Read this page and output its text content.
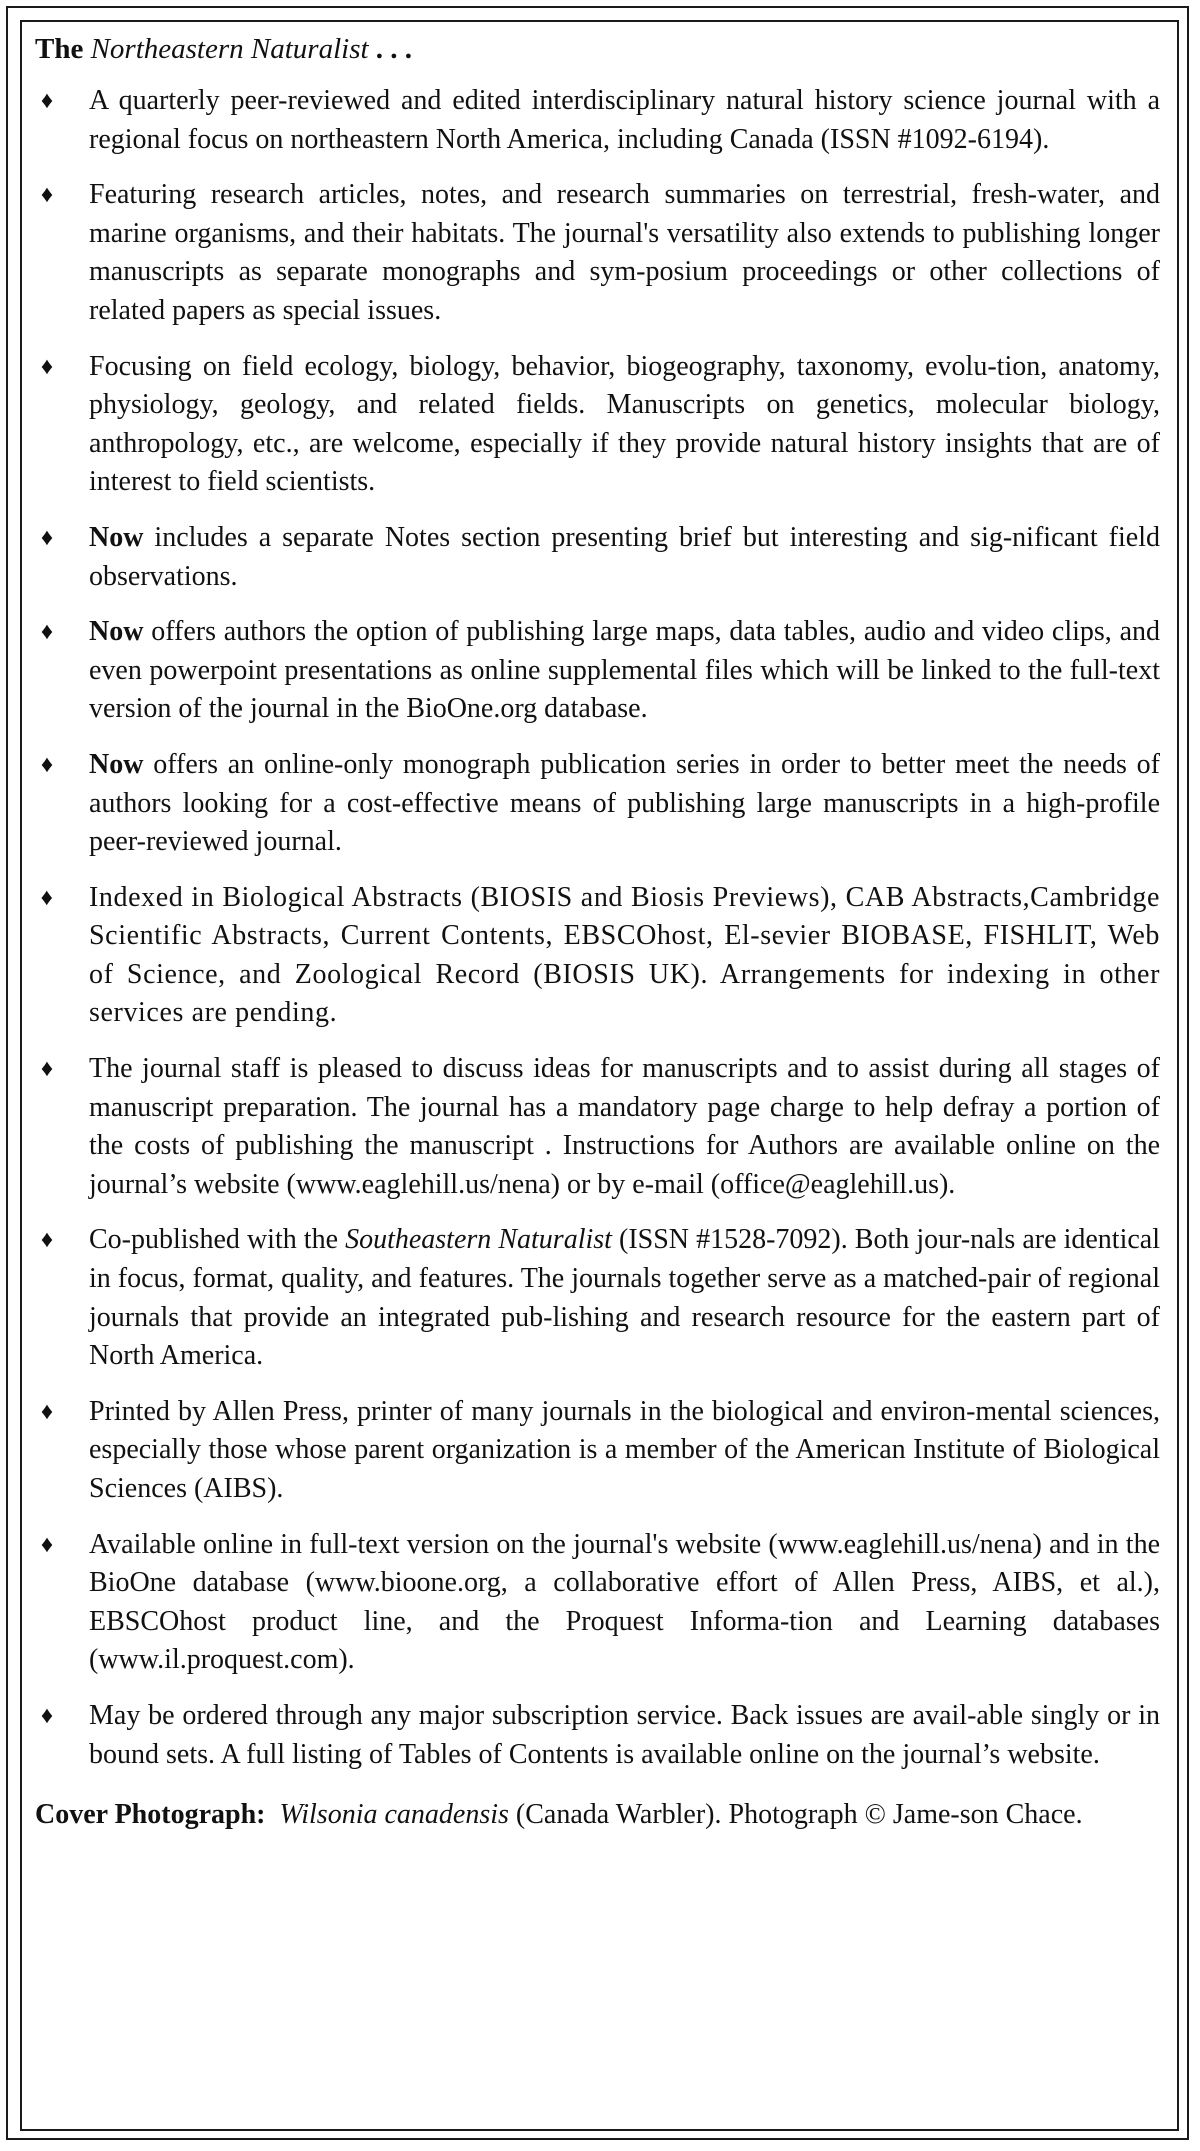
The Northeastern Naturalist . . .
♦ A quarterly peer-reviewed and edited interdisciplinary natural history science journal with a regional focus on northeastern North America, including Canada (ISSN #1092-6194).
♦ Featuring research articles, notes, and research summaries on terrestrial, fresh-water, and marine organisms, and their habitats. The journal's versatility also extends to publishing longer manuscripts as separate monographs and sym-posium proceedings or other collections of related papers as special issues.
♦ Focusing on field ecology, biology, behavior, biogeography, taxonomy, evolu-tion, anatomy, physiology, geology, and related fields. Manuscripts on genetics, molecular biology, anthropology, etc., are welcome, especially if they provide natural history insights that are of interest to field scientists.
♦ Now includes a separate Notes section presenting brief but interesting and sig-nificant field observations.
♦ Now offers authors the option of publishing large maps, data tables, audio and video clips, and even powerpoint presentations as online supplemental files which will be linked to the full-text version of the journal in the BioOne.org database.
♦ Now offers an online-only monograph publication series in order to better meet the needs of authors looking for a cost-effective means of publishing large manuscripts in a high-profile peer-reviewed journal.
♦ Indexed in Biological Abstracts (BIOSIS and Biosis Previews), CAB Abstracts,Cambridge Scientific Abstracts, Current Contents, EBSCOhost, El-sevier BIOBASE, FISHLIT, Web of Science, and Zoological Record (BIOSIS UK). Arrangements for indexing in other services are pending.
♦ The journal staff is pleased to discuss ideas for manuscripts and to assist during all stages of manuscript preparation. The journal has a mandatory page charge to help defray a portion of the costs of publishing the manuscript . Instructions for Authors are available online on the journal’s website (www.eaglehill.us/nena) or by e-mail (office@eaglehill.us).
♦ Co-published with the Southeastern Naturalist (ISSN #1528-7092). Both jour-nals are identical in focus, format, quality, and features. The journals together serve as a matched-pair of regional journals that provide an integrated pub-lishing and research resource for the eastern part of North America.
♦ Printed by Allen Press, printer of many journals in the biological and environ-mental sciences, especially those whose parent organization is a member of the American Institute of Biological Sciences (AIBS).
♦ Available online in full-text version on the journal's website (www.eaglehill.us/nena) and in the BioOne database (www.bioone.org, a collaborative effort of Allen Press, AIBS, et al.), EBSCOhost product line, and the Proquest Informa-tion and Learning databases (www.il.proquest.com).
♦ May be ordered through any major subscription service. Back issues are avail-able singly or in bound sets. A full listing of Tables of Contents is available online on the journal’s website.
Cover Photograph: Wilsonia canadensis (Canada Warbler). Photograph © Jame-son Chace.
